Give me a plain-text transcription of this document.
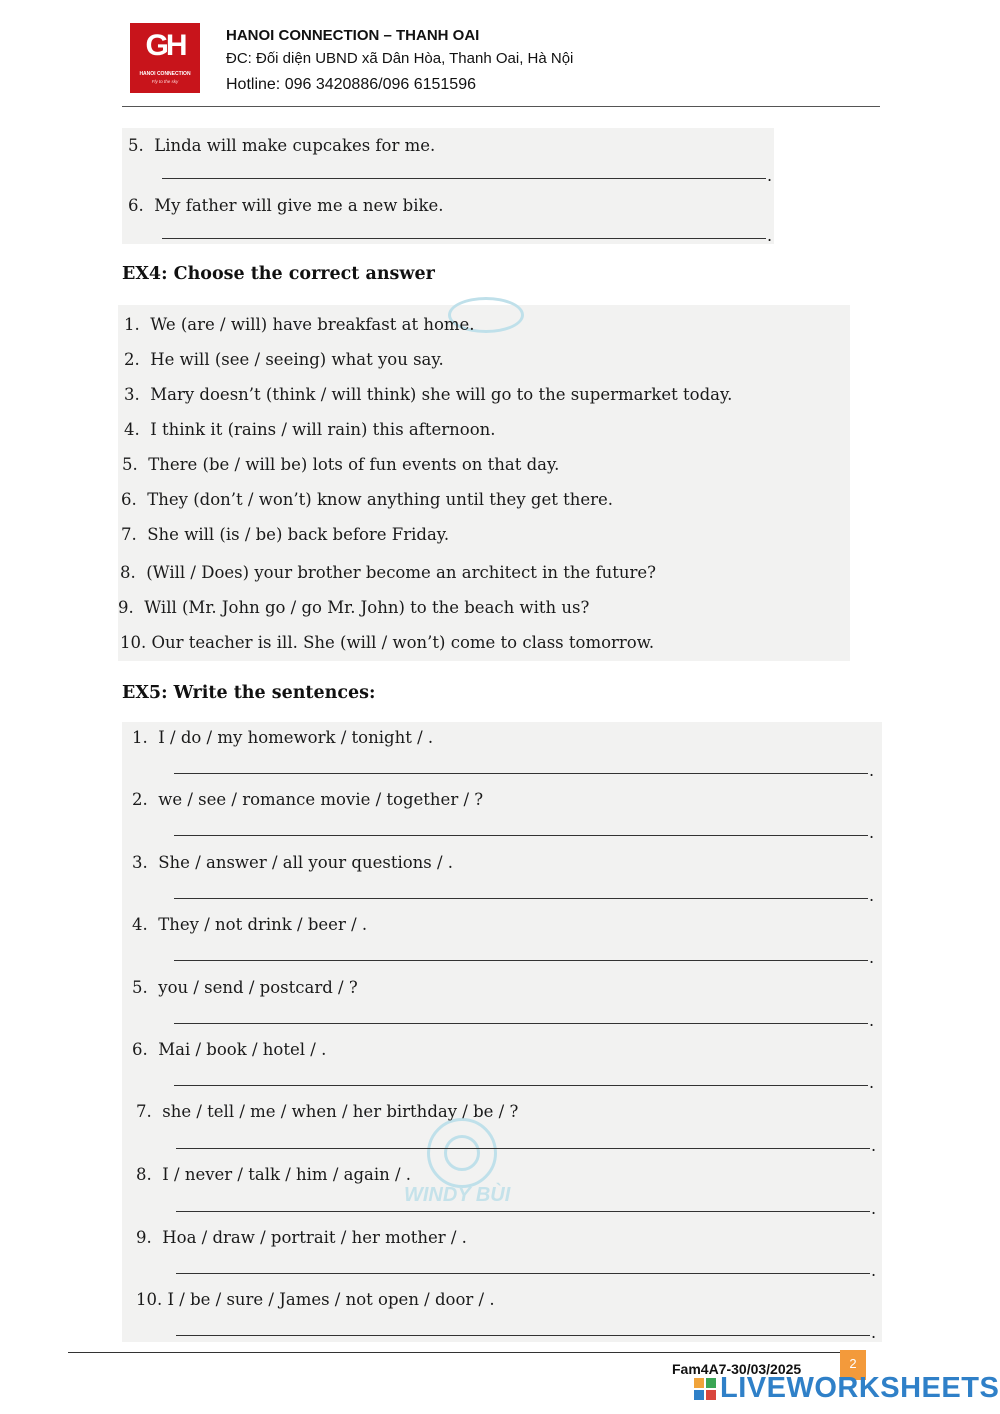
GH
HANOI CONNECTION
Fly to the sky
HANOI CONNECTION – THANH OAI
ĐC: Đối diện UBND xã Dân Hòa, Thanh Oai, Hà Nội
Hotline: 096 3420886/096 6151596
5. Linda will make cupcakes for me.
.
6. My father will give me a new bike.
.
EX4: Choose the correct answer
1. We (are / will) have breakfast at home.
2. He will (see / seeing) what you say.
3. Mary doesn’t (think / will think) she will go to the supermarket today.
4. I think it (rains / will rain) this afternoon.
5. There (be / will be) lots of fun events on that day.
6. They (don’t / won’t) know anything until they get there.
7. She will (is / be) back before Friday.
8. (Will / Does) your brother become an architect in the future?
9. Will (Mr. John go / go Mr. John) to the beach with us?
10. Our teacher is ill. She (will / won’t) come to class tomorrow.
EX5: Write the sentences:
WINDY BÙI
1. I / do / my homework / tonight / .
.
2. we / see / romance movie / together / ?
.
3. She / answer / all your questions / .
.
4. They / not drink / beer / .
.
5. you / send / postcard / ?
.
6. Mai / book / hotel / .
.
7. she / tell / me / when / her birthday / be / ?
.
8. I / never / talk / him / again / .
.
9. Hoa / draw / portrait / her mother / .
.
10. I / be / sure / James / not open / door / .
.
Fam4A7-30/03/2025	2
LIVEWORKSHEETS
